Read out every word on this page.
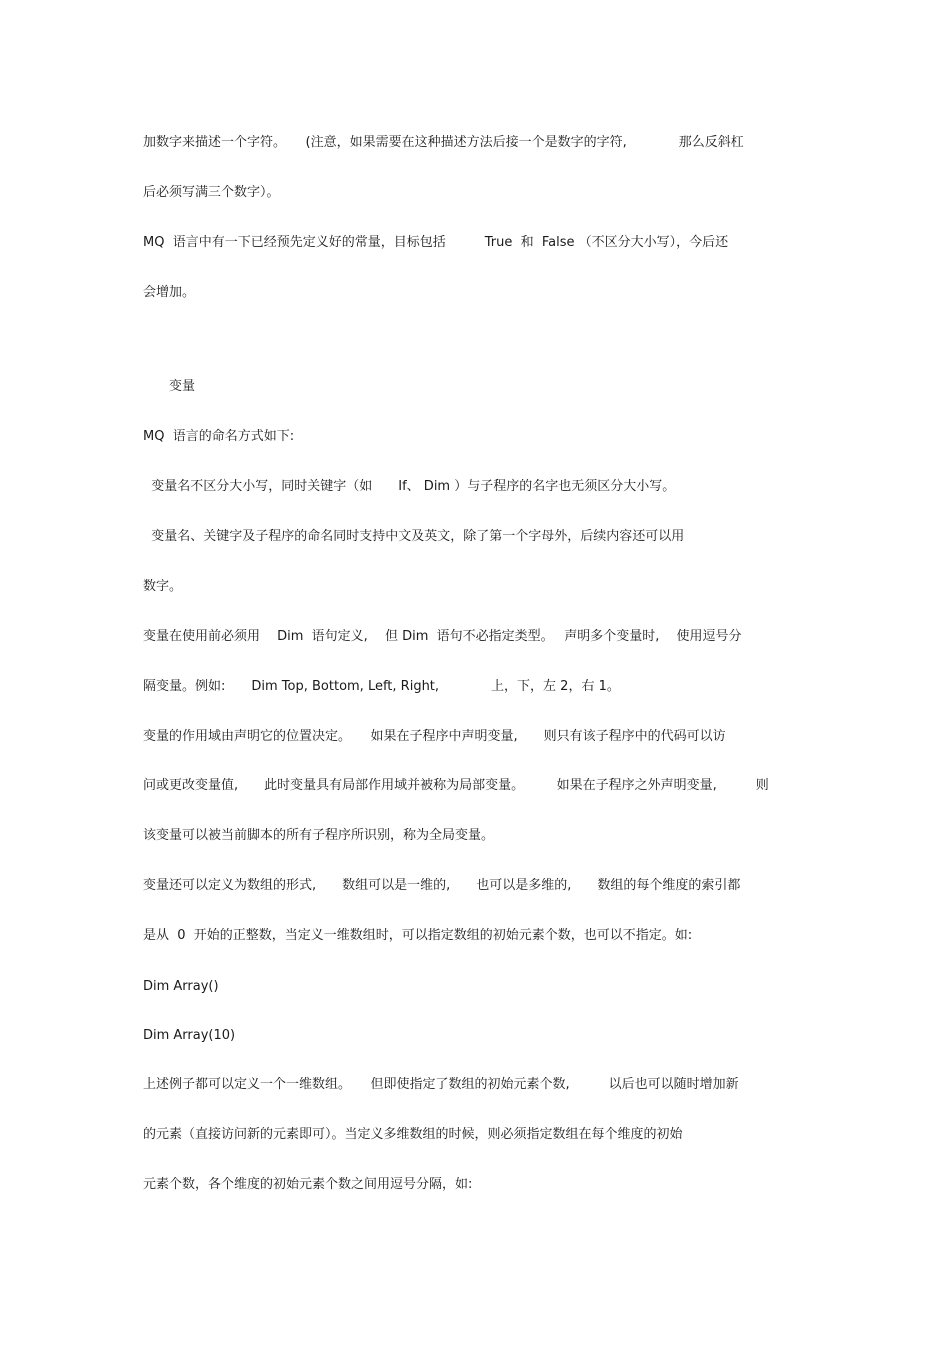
加数字来描述一个字符。　　(注意，如果需要在这种描述方法后接一个是数字的字符,　　　　那么反斜杠
后必须写满三个数字）。
MQ  语言中有一下已经预先定义好的常量，目标包括　　　True  和  False （不区分大小写），今后还
会增加。
　　变量
MQ  语言的命名方式如下:
变量名不区分大小写，同时关键字（如　　If、 Dim ）与子程序的名字也无须区分大小写。
变量名、关键字及子程序的命名同时支持中文及英文，除了第一个字母外，后续内容还可以用
数字。
变量在使用前必须用　 Dim  语句定义,　 但 Dim  语句不必指定类型。　 声明多个变量时,　 使用逗号分
隔变量。例如:　　Dim Top, Bottom, Left, Right,　　　　上，下，左 2，右 1。
变量的作用域由声明它的位置决定。　　如果在子程序中声明变量,　　则只有该子程序中的代码可以访
问或更改变量值,　　此时变量具有局部作用域并被称为局部变量。　　　如果在子程序之外声明变量,　　　则
该变量可以被当前脚本的所有子程序所识别，称为全局变量。
变量还可以定义为数组的形式,　　数组可以是一维的,　　也可以是多维的,　　数组的每个维度的索引都
是从  0  开始的正整数，当定义一维数组时，可以指定数组的初始元素个数，也可以不指定。如:
Dim Array()
Dim Array(10)
上述例子都可以定义一个一维数组。　　但即使指定了数组的初始元素个数,　　　以后也可以随时增加新
的元素（直接访问新的元素即可）。当定义多维数组的时候，则必须指定数组在每个维度的初始
元素个数，各个维度的初始元素个数之间用逗号分隔，如:
